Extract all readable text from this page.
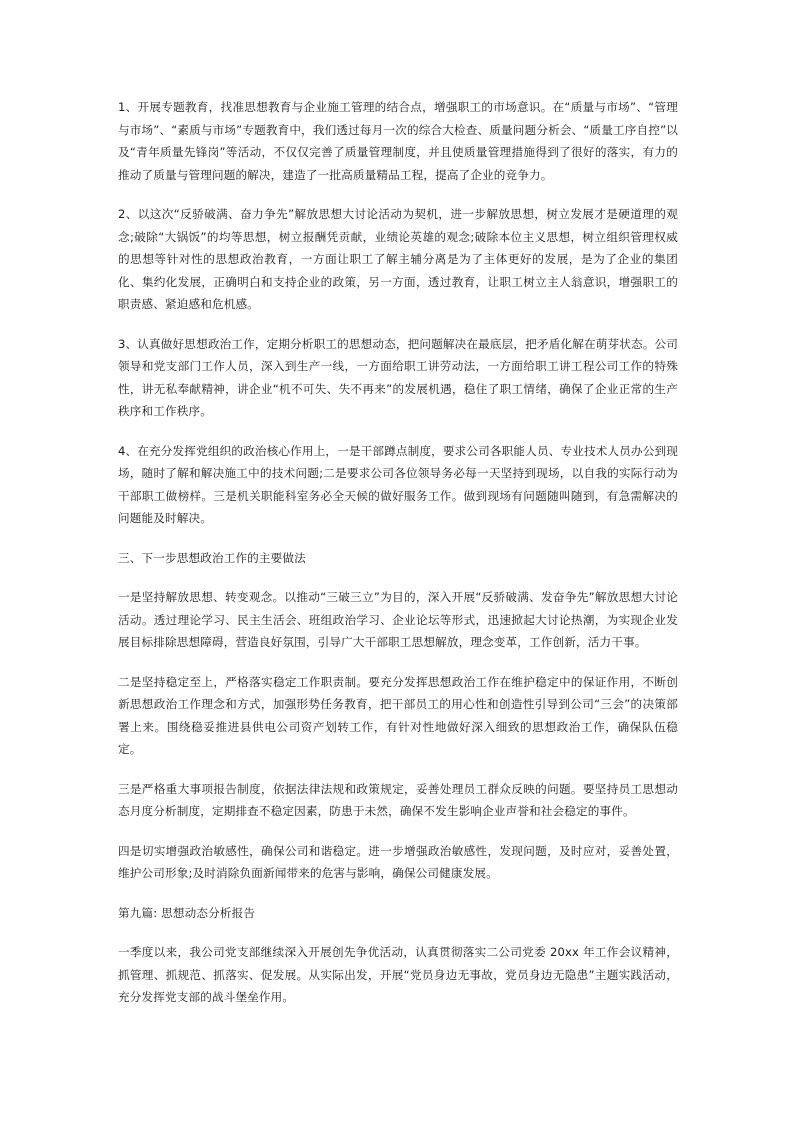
1、开展专题教育，找准思想教育与企业施工管理的结合点，增强职工的市场意识。在“质量与市场”、“管理与市场”、“素质与市场”专题教育中，我们透过每月一次的综合大检查、质量问题分析会、“质量工序自控”以及“青年质量先锋岗”等活动，不仅仅完善了质量管理制度，并且使质量管理措施得到了很好的落实，有力的推动了质量与管理问题的解决，建造了一批高质量精品工程，提高了企业的竞争力。

2、以这次“反骄破满、奋力争先”解放思想大讨论活动为契机，进一步解放思想，树立发展才是硬道理的观念;破除“大锅饭”的均等思想，树立报酬凭贡献，业绩论英雄的观念;破除本位主义思想，树立组织管理权威的思想等针对性的思想政治教育，一方面让职工了解主辅分离是为了主体更好的发展，是为了企业的集团化、集约化发展，正确明白和支持企业的政策，另一方面，透过教育，让职工树立主人翁意识，增强职工的职责感、紧迫感和危机感。

3、认真做好思想政治工作，定期分析职工的思想动态，把问题解决在最底层，把矛盾化解在萌芽状态。公司领导和党支部门工作人员，深入到生产一线，一方面给职工讲劳动法，一方面给职工讲工程公司工作的特殊性，讲无私奉献精神，讲企业“机不可失、失不再来”的发展机遇，稳住了职工情绪，确保了企业正常的生产秩序和工作秩序。

4、在充分发挥党组织的政治核心作用上，一是干部蹲点制度，要求公司各职能人员、专业技术人员办公到现场，随时了解和解决施工中的技术问题;二是要求公司各位领导务必每一天坚持到现场，以自我的实际行动为干部职工做榜样。三是机关职能科室务必全天候的做好服务工作。做到现场有问题随叫随到，有急需解决的问题能及时解决。

三、下一步思想政治工作的主要做法

一是坚持解放思想、转变观念。以推动“三破三立”为目的，深入开展“反骄破满、发奋争先”解放思想大讨论活动。透过理论学习、民主生活会、班组政治学习、企业论坛等形式，迅速掀起大讨论热潮，为实现企业发展目标排除思想障碍，营造良好氛围，引导广大干部职工思想解放，理念变革，工作创新，活力干事。

二是坚持稳定至上，严格落实稳定工作职责制。要充分发挥思想政治工作在维护稳定中的保证作用，不断创新思想政治工作理念和方式，加强形势任务教育，把干部员工的用心性和创造性引导到公司“三会”的决策部署上来。围绕稳妥推进县供电公司资产划转工作，有针对性地做好深入细致的思想政治工作，确保队伍稳定。

三是严格重大事项报告制度，依据法律法规和政策规定，妥善处理员工群众反映的问题。要坚持员工思想动态月度分析制度，定期排查不稳定因素，防患于未然，确保不发生影响企业声誉和社会稳定的事件。

四是切实增强政治敏感性，确保公司和谐稳定。进一步增强政治敏感性，发现问题，及时应对，妥善处置，维护公司形象;及时消除负面新闻带来的危害与影响，确保公司健康发展。

第九篇: 思想动态分析报告

一季度以来，我公司党支部继续深入开展创先争优活动，认真贯彻落实二公司党委 20xx 年工作会议精神，抓管理、抓规范、抓落实、促发展。从实际出发，开展“党员身边无事故，党员身边无隐患”主题实践活动，充分发挥党支部的战斗堡垒作用。
